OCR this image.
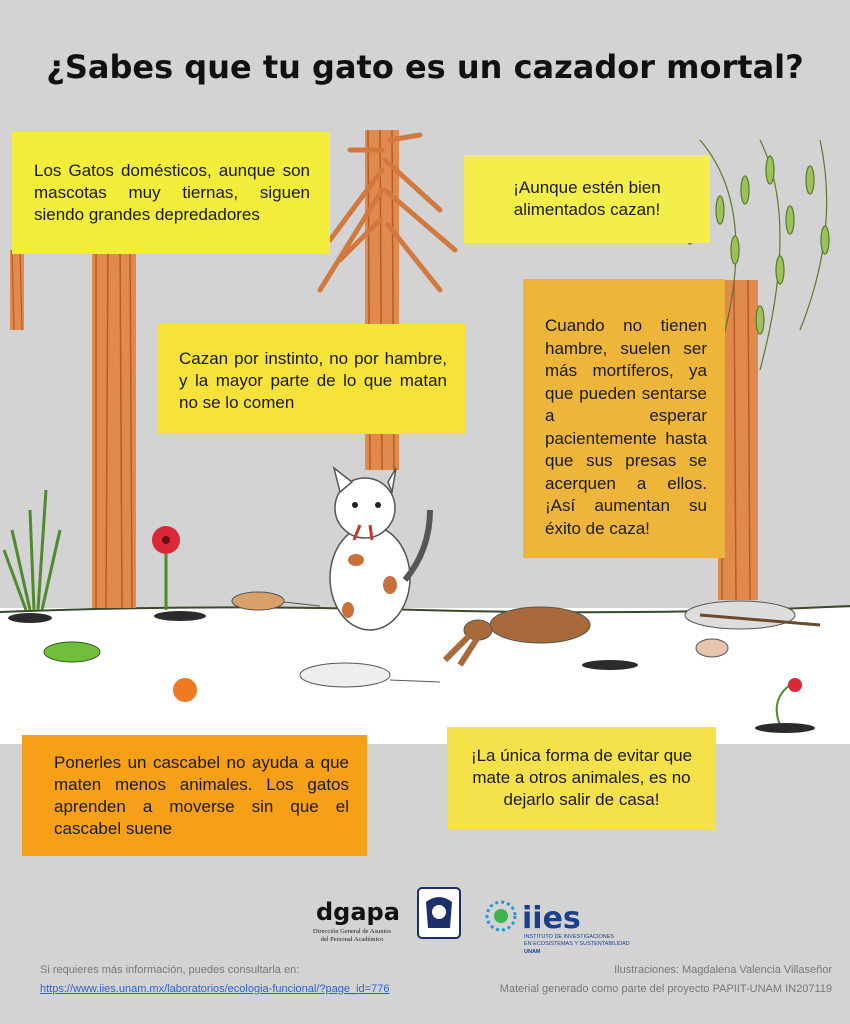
¿Sabes que tu gato es un cazador mortal?
Los Gatos domésticos, aunque son mascotas muy tiernas, siguen siendo grandes depredadores
¡Aunque estén bien alimentados cazan!
Cazan por instinto, no por hambre, y la mayor parte de lo que matan no se lo comen
Cuando no tienen hambre, suelen ser más mortíferos, ya que pueden sentarse a esperar pacientemente hasta que sus presas se acerquen a ellos. ¡Así aumentan su éxito de caza!
Ponerles un cascabel no ayuda a que maten menos animales. Los gatos aprenden a moverse sin que el cascabel suene
¡La única forma de evitar que mate a otros animales, es no dejarlo salir de casa!
dgapa
Dirección General de Asuntos
del Personal Académico
iies
INSTITUTO DE INVESTIGACIONES
EN ECOSISTEMAS Y SUSTENTABILIDAD
UNAM
Si requieres más información, puedes consultarla en:
https://www.iies.unam.mx/laboratorios/ecologia-funcional/?page_id=776
Ilustraciones: Magdalena Valencia Villaseñor
Material generado como parte del proyecto PAPIIT-UNAM IN207119
